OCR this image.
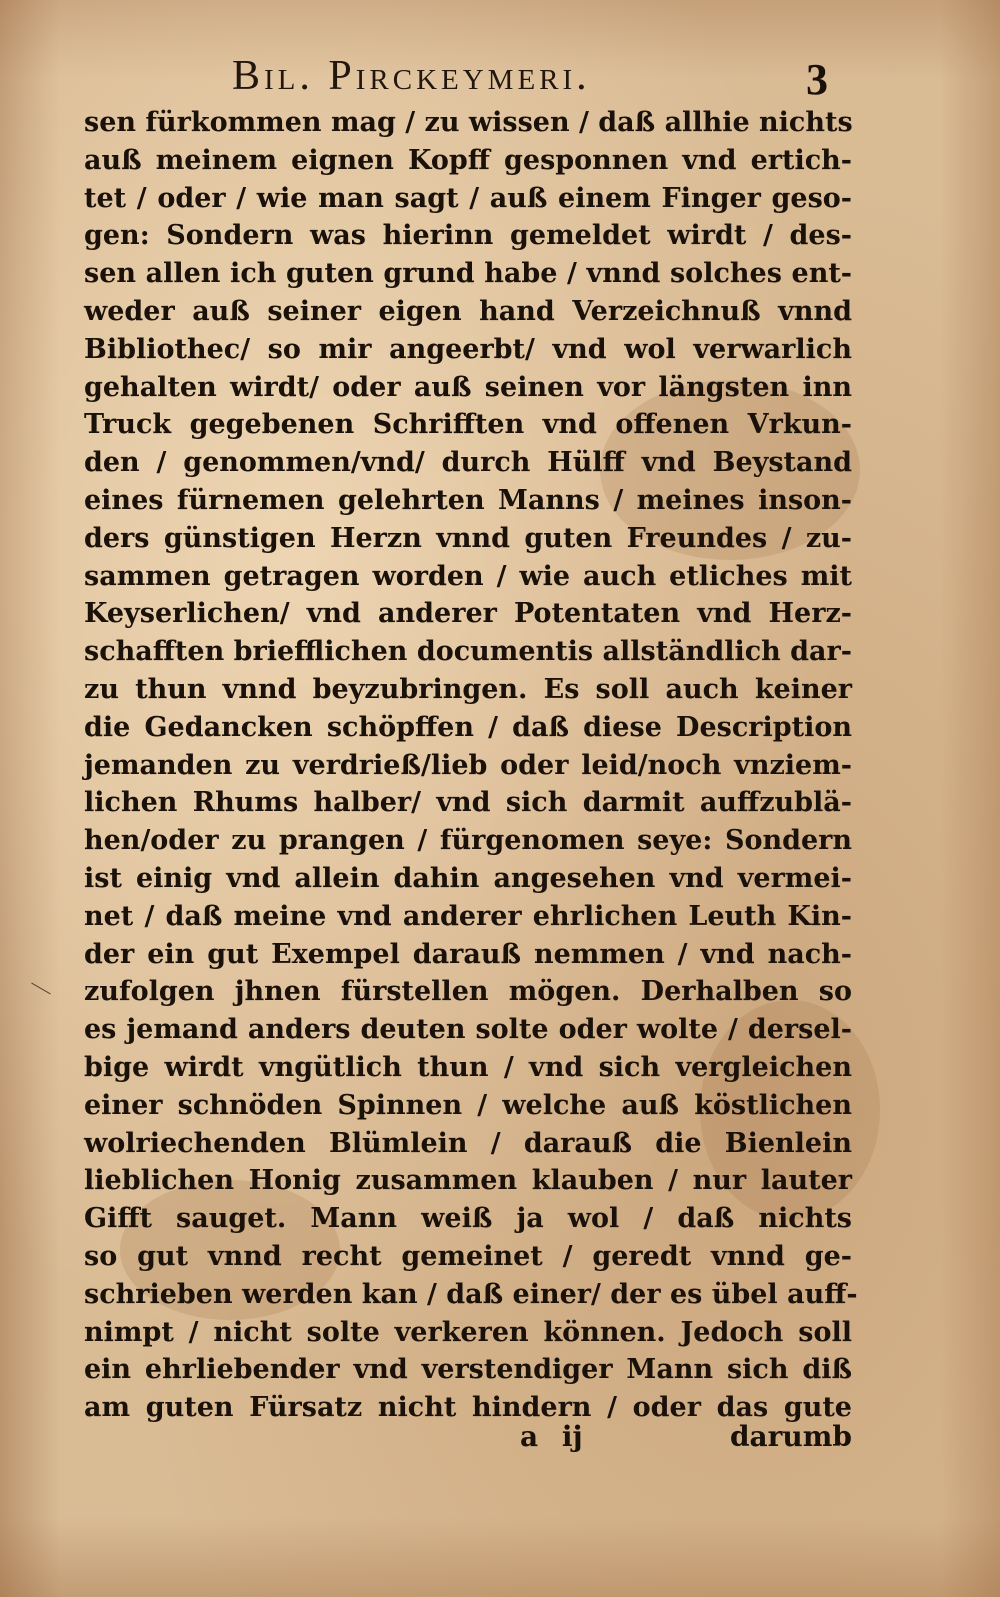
Bil. Pirckeymeri.	3
sen fürkommen mag / zu wissen / daß allhie nichts
auß meinem eignen Kopff gesponnen vnd ertich-
tet / oder / wie man sagt / auß einem Finger geso-
gen: Sondern was hierinn gemeldet wirdt / des-
sen allen ich guten grund habe / vnnd solches ent-
weder auß seiner eigen hand Verzeichnuß vnnd
Bibliothec/ so mir angeerbt/ vnd wol verwarlich
gehalten wirdt/ oder auß seinen vor längsten inn
Truck gegebenen Schrifften vnd offenen Vrkun-
den / genommen/vnd/ durch Hülff vnd Beystand
eines fürnemen gelehrten Manns / meines inson-
ders günstigen Herzn vnnd guten Freundes / zu-
sammen getragen worden / wie auch etliches mit
Keyserlichen/ vnd anderer Potentaten vnd Herz-
schafften briefflichen documentis allständlich dar-
zu thun vnnd beyzubringen. Es soll auch keiner
die Gedancken schöpffen / daß diese Description
jemanden zu verdrieß/lieb oder leid/noch vnziem-
lichen Rhums halber/ vnd sich darmit auffzublä-
hen/oder zu prangen / fürgenomen seye: Sondern
ist einig vnd allein dahin angesehen vnd vermei-
net / daß meine vnd anderer ehrlichen Leuth Kin-
der ein gut Exempel darauß nemmen / vnd nach-
zufolgen jhnen fürstellen mögen. Derhalben so
es jemand anders deuten solte oder wolte / dersel-
bige wirdt vngütlich thun / vnd sich vergleichen
einer schnöden Spinnen / welche auß köstlichen
wolriechenden Blümlein / darauß die Bienlein
lieblichen Honig zusammen klauben / nur lauter
Gifft sauget. Mann weiß ja wol / daß nichts
so gut vnnd recht gemeinet / geredt vnnd ge-
schrieben werden kan / daß einer/ der es übel auff-
nimpt / nicht solte verkeren können. Jedoch soll
ein ehrliebender vnd verstendiger Mann sich diß
am guten Fürsatz nicht hindern / oder das gute
a ij	darumb
